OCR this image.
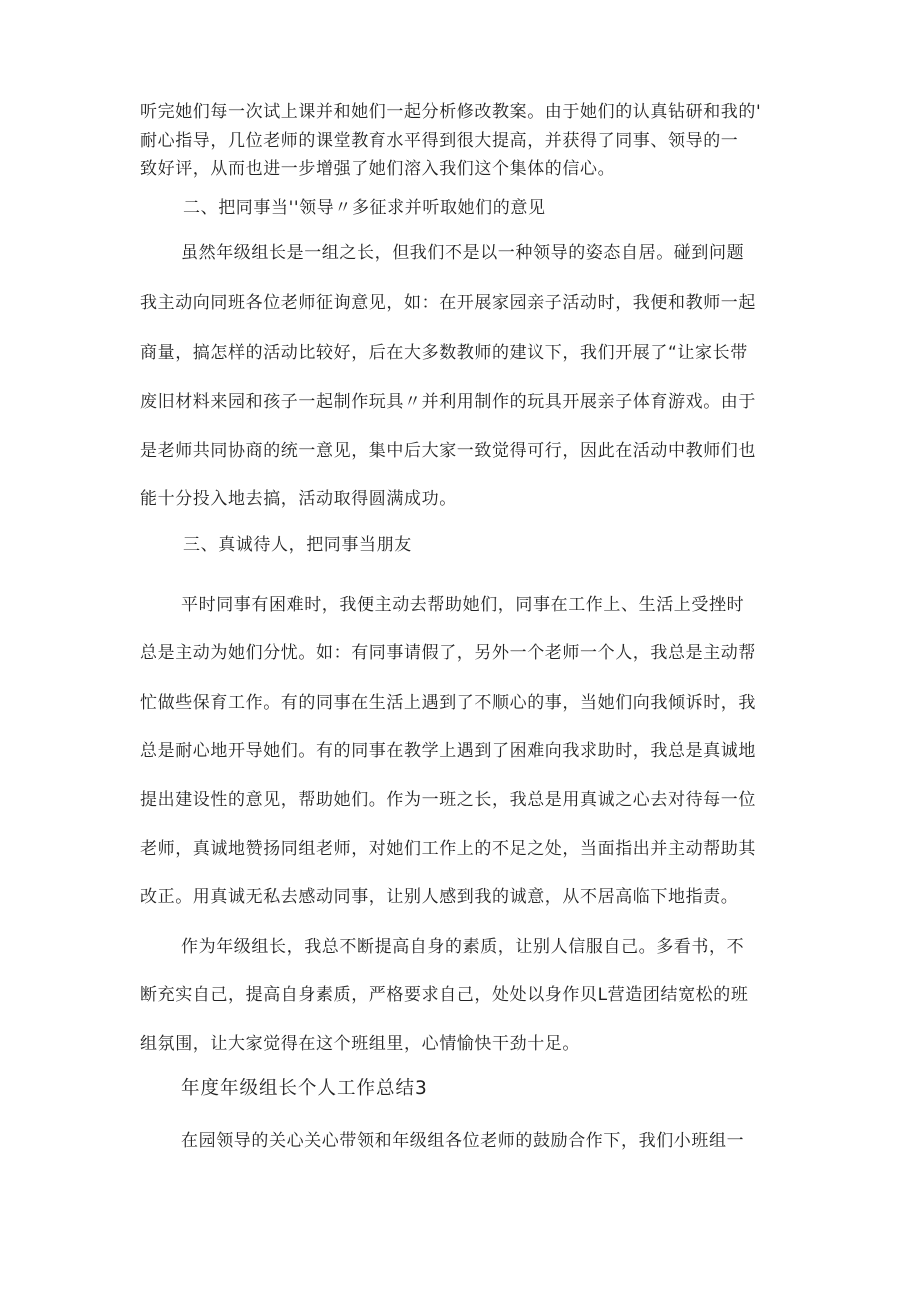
听完她们每一次试上课并和她们一起分析修改教案。由于她们的认真钻研和我的'
耐心指导，几位老师的课堂教育水平得到很大提高，并获得了同事、领导的一
致好评，从而也进一步增强了她们溶入我们这个集体的信心。
二、把同事当''领导〃多征求并听取她们的意见
虽然年级组长是一组之长，但我们不是以一种领导的姿态自居。碰到问题
我主动向同班各位老师征询意见，如：在开展家园亲子活动时，我便和教师一起
商量，搞怎样的活动比较好，后在大多数教师的建议下，我们开展了“让家长带
废旧材料来园和孩子一起制作玩具〃并利用制作的玩具开展亲子体育游戏。由于
是老师共同协商的统一意见，集中后大家一致觉得可行，因此在活动中教师们也
能十分投入地去搞，活动取得圆满成功。
三、真诚待人，把同事当朋友
平时同事有困难时，我便主动去帮助她们，同事在工作上、生活上受挫时
总是主动为她们分忧。如：有同事请假了，另外一个老师一个人，我总是主动帮
忙做些保育工作。有的同事在生活上遇到了不顺心的事，当她们向我倾诉时，我
总是耐心地开导她们。有的同事在教学上遇到了困难向我求助时，我总是真诚地
提出建设性的意见，帮助她们。作为一班之长，我总是用真诚之心去对待每一位
老师，真诚地赞扬同组老师，对她们工作上的不足之处，当面指出并主动帮助其
改正。用真诚无私去感动同事，让别人感到我的诚意，从不居高临下地指责。
作为年级组长，我总不断提高自身的素质，让别人信服自己。多看书，不
断充实自己，提高自身素质，严格要求自己，处处以身作贝L营造团结宽松的班
组氛围，让大家觉得在这个班组里，心情愉快干劲十足。
年度年级组长个人工作总结3
在园领导的关心关心带领和年级组各位老师的鼓励合作下，我们小班组一
